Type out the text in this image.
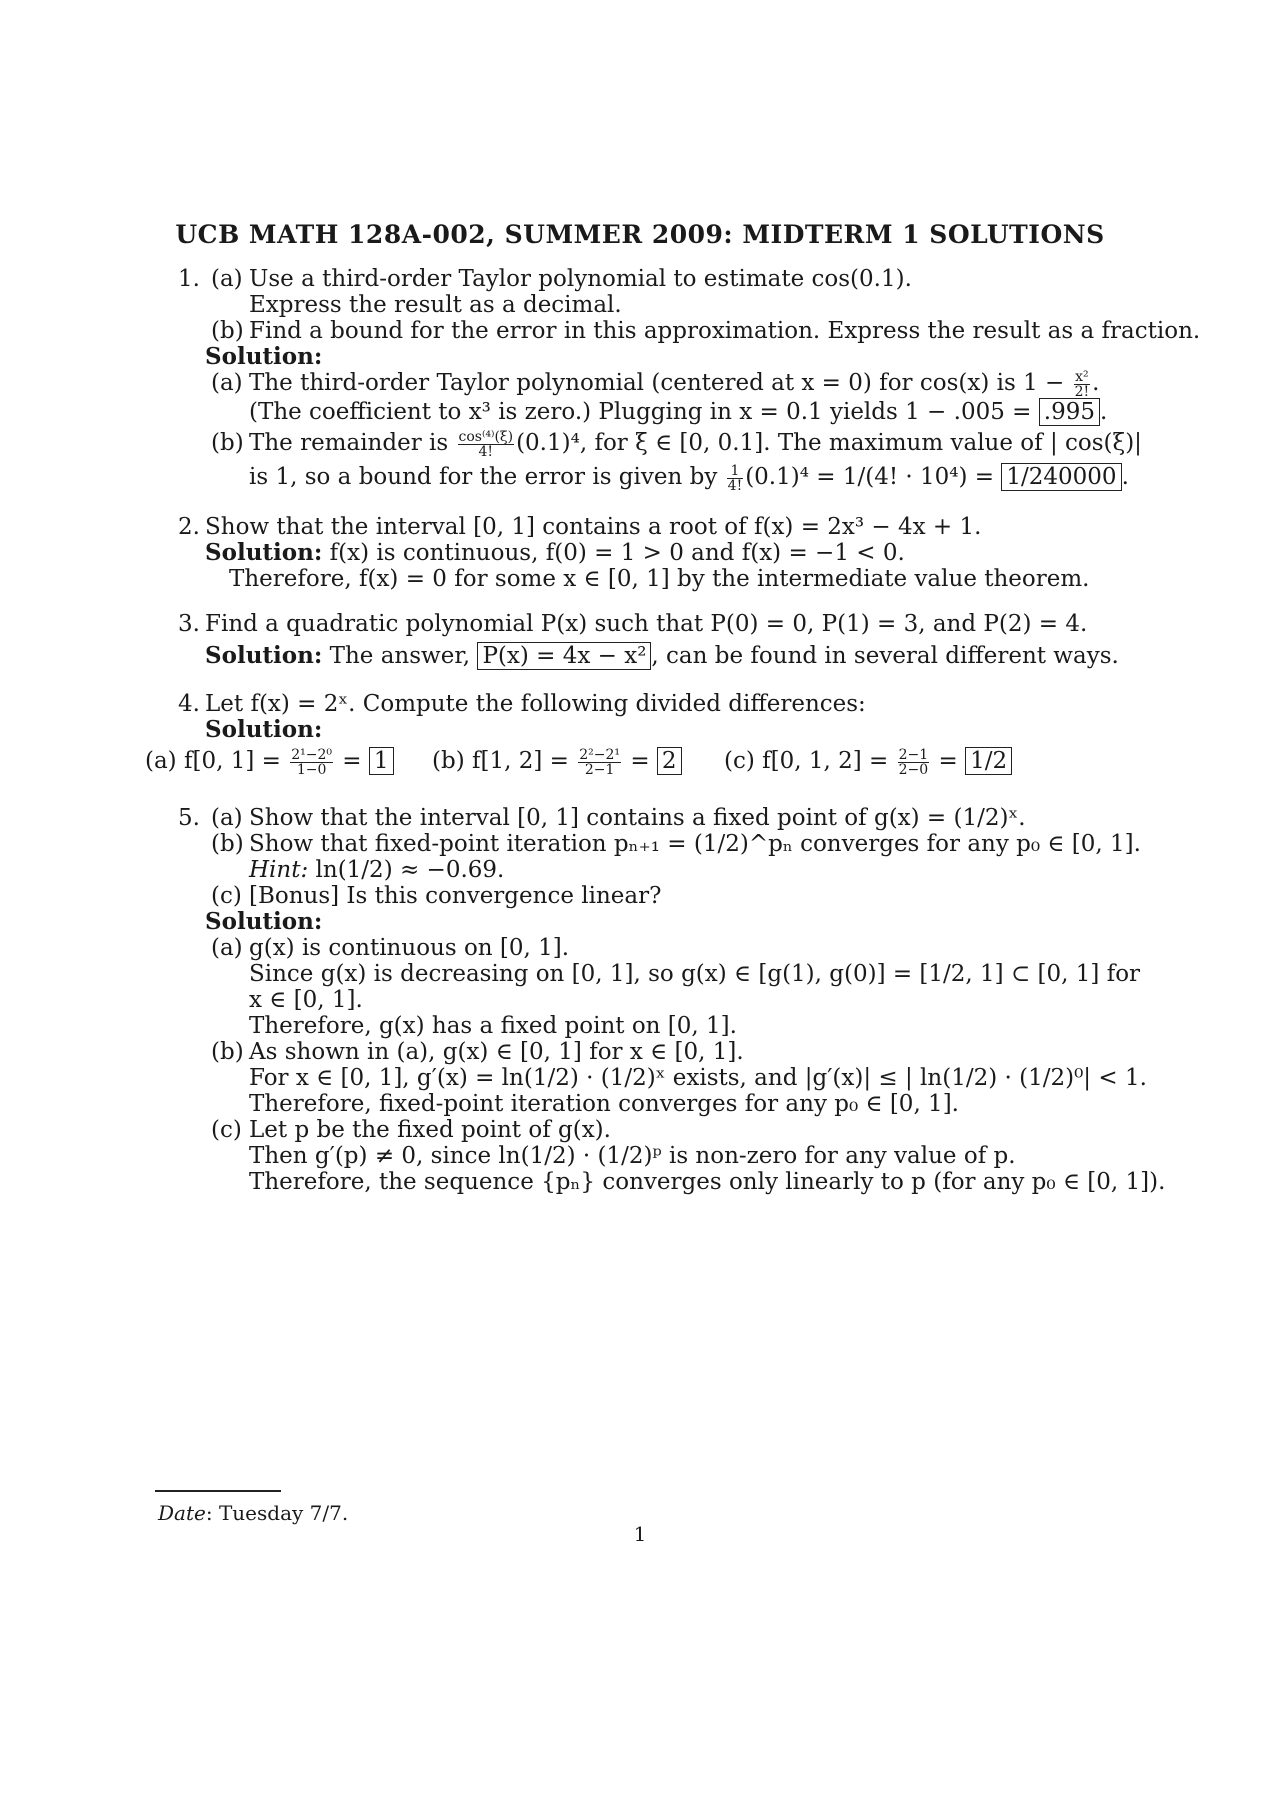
UCB MATH 128A-002, SUMMER 2009: MIDTERM 1 SOLUTIONS
1. (a) Use a third-order Taylor polynomial to estimate cos(0.1).
Express the result as a decimal.
(b) Find a bound for the error in this approximation. Express the result as a fraction.
Solution:
(a) The third-order Taylor polynomial (centered at x = 0) for cos(x) is $1 - \frac{\text{x²}}{2!}$ .
(The coefficient to x³ is zero.) Plugging in x = 0.1 yields 1 − .005 = .995 .
(b) The remainder is $\frac{\text{cos⁽⁴⁾(ξ)}}{4!} (0.1)^4$, for ξ ∈ [0, 0.1]. The maximum value of | cos(ξ)|
is 1, so a bound for the error is given by $\frac{1}{4!} (0.1)^4 = 1/(4$! · 10⁴) = 1/240000 .
2. Show that the interval [0, 1] contains a root of f(x) = 2x³ − 4x + 1.
Solution: f(x) is continuous, f(0) = 1 > 0 and f(x) = −1 < 0.
Therefore, f(x) = 0 for some x ∈ [0, 1] by the intermediate value theorem.
3. Find a quadratic polynomial P(x) such that P(0) = 0, P(1) = 3, and P(2) = 4.
Solution: The answer, P(x) = 4x − x² , can be found in several different ways.
4. Let f(x) = 2ˣ. Compute the following divided differences:
Solution:
(a) f[0, $1] = \frac{\text{2¹−2⁰}}{1-0} = 1$ (b) f[1, $2] = \frac{\text{2²−2¹}}{2-1} = 2$ (c) f[0, 1, $2] = \frac{2-1}{2-0} = 1/2$
5. (a) Show that the interval [0, 1] contains a fixed point of g(x) = (1/2)ˣ.
(b) Show that fixed-point iteration pₙ₊₁ = (1/2)^pₙ converges for any p₀ ∈ [0, 1].
Hint: ln(1/2) ≈ −0.69.
(c) [Bonus] Is this convergence linear?
Solution:
(a) g(x) is continuous on [0, 1].
Since g(x) is decreasing on [0, 1], so g(x) ∈ [g(1), g(0)] = [1/2, 1] ⊂ [0, 1] for
x ∈ [0, 1].
Therefore, g(x) has a fixed point on [0, 1].
(b) As shown in (a), g(x) ∈ [0, 1] for x ∈ [0, 1].
For x ∈ [0, 1], g′(x) = ln(1/2) · (1/2)ˣ exists, and |g′(x)| ≤ | ln(1/2) · (1/2)⁰| < 1.
Therefore, fixed-point iteration converges for any p₀ ∈ [0, 1].
(c) Let p be the fixed point of g(x).
Then g′(p) ≠ 0, since ln(1/2) · (1/2)ᵖ is non-zero for any value of p.
Therefore, the sequence {pₙ} converges only linearly to p (for any p₀ ∈ [0, 1]).
Date: Tuesday 7/7.
1
